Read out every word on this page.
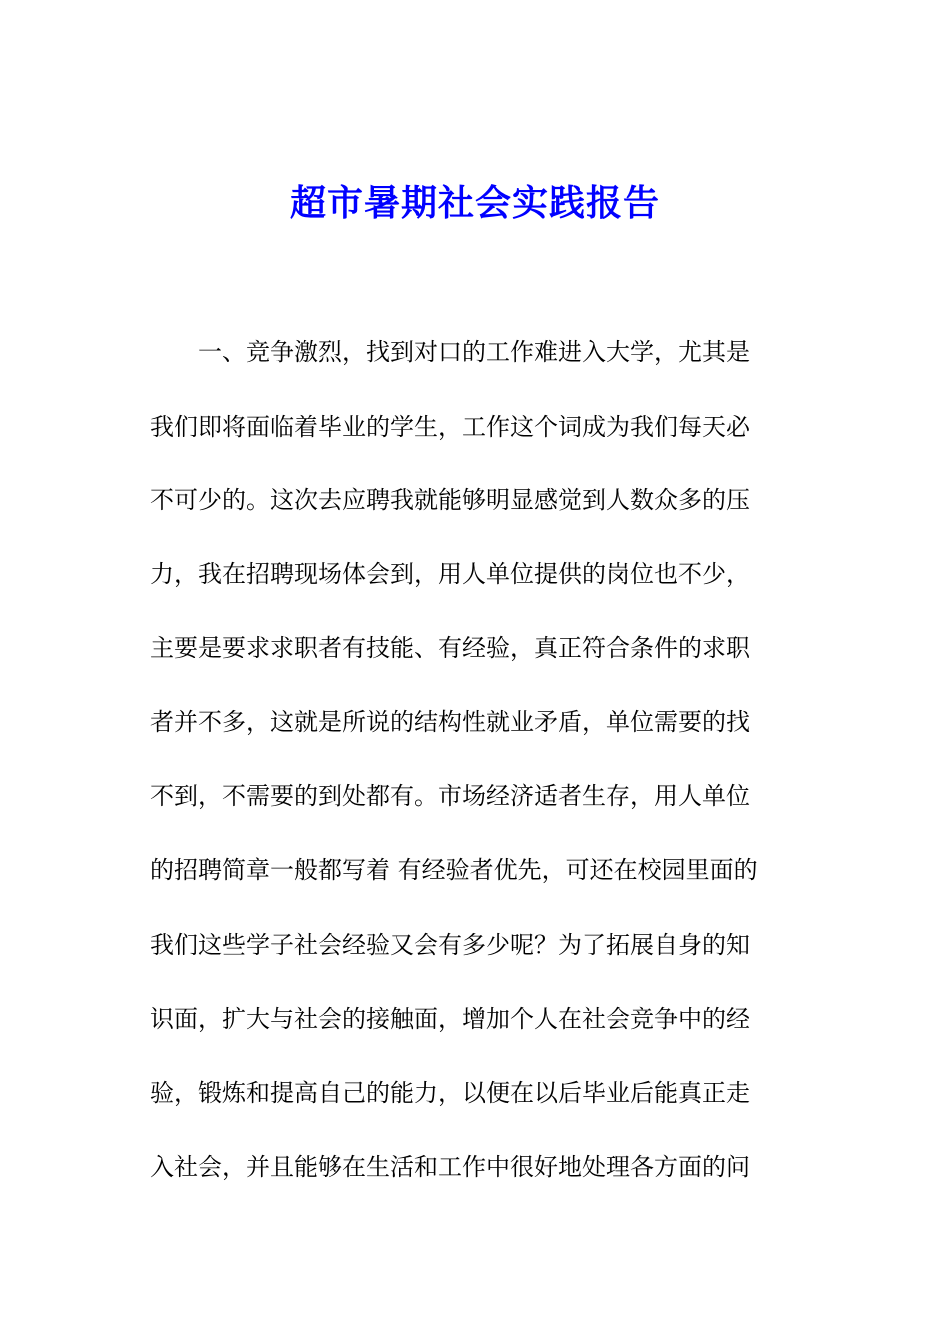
超市暑期社会实践报告
一、竞争激烈，找到对口的工作难进入大学，尤其是
我们即将面临着毕业的学生，工作这个词成为我们每天必
不可少的。这次去应聘我就能够明显感觉到人数众多的压
力，我在招聘现场体会到，用人单位提供的岗位也不少，
主要是要求求职者有技能、有经验，真正符合条件的求职
者并不多，这就是所说的结构性就业矛盾，单位需要的找
不到，不需要的到处都有。市场经济适者生存，用人单位
的招聘简章一般都写着 有经验者优先，可还在校园里面的
我们这些学子社会经验又会有多少呢？为了拓展自身的知
识面，扩大与社会的接触面，增加个人在社会竞争中的经
验，锻炼和提高自己的能力，以便在以后毕业后能真正走
入社会，并且能够在生活和工作中很好地处理各方面的问
